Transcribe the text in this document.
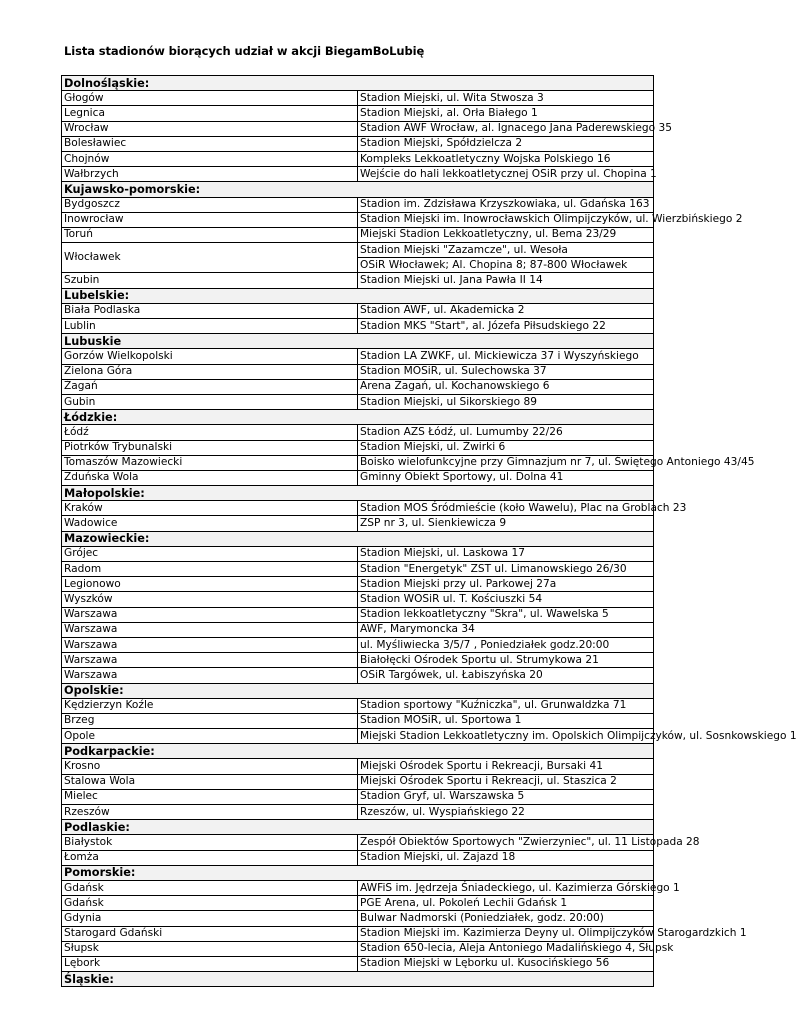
Lista stadionów biorących udział w akcji BiegamBoLubię
Dolnośląskie:	
Głogów	Stadion Miejski, ul. Wita Stwosza 3
Legnica	Stadion Miejski, al. Orła Białego 1
Wrocław	Stadion AWF Wrocław, al. Ignacego Jana Paderewskiego 35
Bolesławiec	Stadion Miejski, Spółdzielcza 2
Chojnów	Kompleks Lekkoatletyczny Wojska Polskiego 16
Wałbrzych	Wejście do hali lekkoatletycznej OSiR przy ul. Chopina 1
Kujawsko-pomorskie:	
Bydgoszcz	Stadion im. Zdzisława Krzyszkowiaka, ul. Gdańska 163
Inowrocław	Stadion Miejski im. Inowrocławskich Olimpijczyków, ul. Wierzbińskiego 2
Toruń	Miejski Stadion Lekkoatletyczny, ul. Bema 23/29
Włocławek	Stadion Miejski "Zazamcze", ul. Wesoła
	OSiR Włocławek; Al. Chopina 8; 87-800 Włocławek
Szubin	Stadion Miejski ul. Jana Pawła II 14
Lubelskie:	
Biała Podlaska	Stadion AWF, ul. Akademicka 2
Lublin	Stadion MKS "Start", al. Józefa Piłsudskiego 22
Lubuskie	
Gorzów Wielkopolski	Stadion LA ZWKF, ul. Mickiewicza 37 i Wyszyńskiego
Zielona Góra	Stadion MOSiR, ul. Sulechowska 37
Żagań	Arena Żagań, ul. Kochanowskiego 6
Gubin	Stadion Miejski, ul Sikorskiego 89
Łódzkie:	
Łódź	Stadion AZS Łódź, ul. Lumumby 22/26
Piotrków Trybunalski	Stadion Miejski, ul. Żwirki 6
Tomaszów Mazowiecki	Boisko wielofunkcyjne przy Gimnazjum nr 7, ul. Świętego Antoniego 43/45
Zduńska Wola	Gminny Obiekt Sportowy, ul. Dolna 41
Małopolskie:	
Kraków	Stadion MOS Śródmieście (koło Wawelu), Plac na Groblach 23
Wadowice	ZSP nr 3, ul. Sienkiewicza 9
Mazowieckie:	
Grójec	Stadion Miejski, ul. Laskowa 17
Radom	Stadion "Energetyk" ZST ul. Limanowskiego 26/30
Legionowo	Stadion Miejski przy ul. Parkowej 27a
Wyszków	Stadion WOSiR ul. T. Kościuszki 54
Warszawa	Stadion lekkoatletyczny "Skra", ul. Wawelska 5
Warszawa	AWF, Marymoncka 34
Warszawa	ul. Myśliwiecka 3/5/7 , Poniedziałek godz.20:00
Warszawa	Białołęcki Ośrodek Sportu ul. Strumykowa 21
Warszawa	OSiR Targówek, ul. Łabiszyńska 20
Opolskie:	
Kędzierzyn Koźle	Stadion sportowy "Kuźniczka", ul. Grunwaldzka 71
Brzeg	Stadion MOSiR, ul. Sportowa 1
Opole	Miejski Stadion Lekkoatletyczny im. Opolskich Olimpijczyków, ul. Sosnkowskiego 1
Podkarpackie:	
Krosno	Miejski Ośrodek Sportu i Rekreacji, Bursaki 41
Stalowa Wola	Miejski Ośrodek Sportu i Rekreacji, ul. Staszica 2
Mielec	Stadion Gryf, ul. Warszawska 5
Rzeszów	Rzeszów, ul. Wyspiańskiego 22
Podlaskie:	
Białystok	Zespół Obiektów Sportowych "Zwierzyniec", ul. 11 Listopada 28
Łomża	Stadion Miejski, ul. Zajazd 18
Pomorskie:	
Gdańsk	AWFiS im. Jędrzeja Śniadeckiego, ul. Kazimierza Górskiego 1
Gdańsk	PGE Arena, ul. Pokoleń Lechii Gdańsk 1
Gdynia	Bulwar Nadmorski (Poniedziałek, godz. 20:00)
Starogard Gdański	Stadion Miejski im. Kazimierza Deyny ul. Olimpijczyków Starogardzkich 1
Słupsk	Stadion 650-lecia, Aleja Antoniego Madalińskiego 4, Słupsk
Lębork	Stadion Miejski w Lęborku ul. Kusocińskiego 56
Śląskie:	
